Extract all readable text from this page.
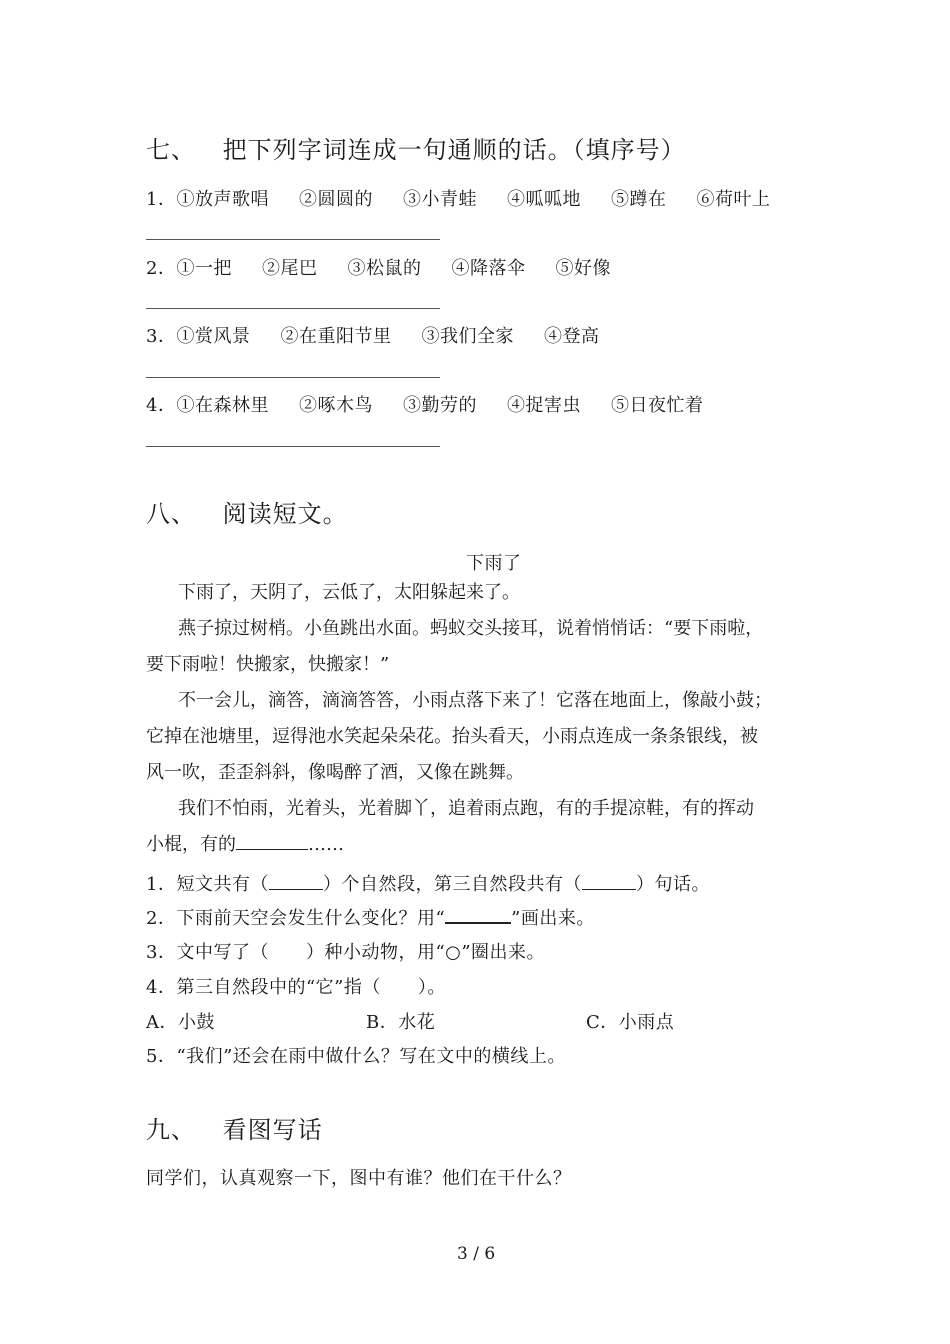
七、 把下列字词连成一句通顺的话。（填序号）
1． ①放声歌唱 ②圆圆的 ③小青蛙 ④呱呱地 ⑤蹲在 ⑥荷叶上
2． ①一把 ②尾巴 ③松鼠的 ④降落伞 ⑤好像
3． ①赏风景 ②在重阳节里 ③我们全家 ④登高
4． ①在森林里 ②啄木鸟 ③勤劳的 ④捉害虫 ⑤日夜忙着
八、 阅读短文。
下雨了
下雨了，天阴了，云低了，太阳躲起来了。
燕子掠过树梢。小鱼跳出水面。蚂蚁交头接耳，说着悄悄话：“要下雨啦，
要下雨啦！快搬家，快搬家！”
不一会儿，滴答，滴滴答答，小雨点落下来了！它落在地面上，像敲小鼓；
它掉在池塘里，逗得池水笑起朵朵花。抬头看天，小雨点连成一条条银线，被
风一吹，歪歪斜斜，像喝醉了酒，又像在跳舞。
我们不怕雨，光着头，光着脚丫，追着雨点跑，有的手提凉鞋，有的挥动
小棍，有的	……
1．短文共有（	）个自然段，第三自然段共有（	）句话。
2．下雨前天空会发生什么变化？用“	”画出来。
3．文中写了（　　）种小动物，用“○”圈出来。
4．第三自然段中的“它”指（　　）。
A．小鼓	B．水花	C．小雨点
5．“我们”还会在雨中做什么？写在文中的横线上。
九、 看图写话
同学们，认真观察一下，图中有谁？他们在干什么？
3 / 6
